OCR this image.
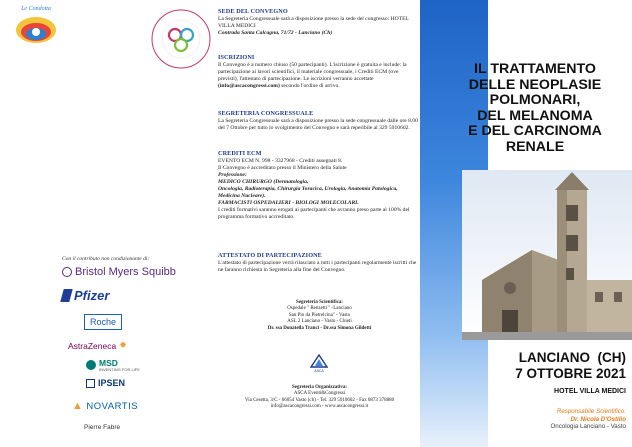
Le Condotta
Con il contributo non condizionante di:
Bristol Myers Squibb
Pfizer
Roche
AstraZeneca ✸
MSD
INVENTING FOR LIFE
IPSEN
▲ NOVARTIS
Pierre Fabre
SEDE DEL CONVEGNO

La Segreteria Congressuale sarà a disposizione presso la sede del congresso: HOTEL VILLA MEDICI

Contrada Santa Calcagna, 71/72 - Lanciano (Ch)

ISCRIZIONI

Il Convegno è a numero chiuso (50 partecipanti). L'iscrizione è gratuita e include: la partecipazione ai lavori scientifici, il materiale congressuale, i Crediti ECM (ove previsti), l'attestato di partecipazione. Le iscrizioni verranno accettate (info@ascacongressi.com) secondo l'ordine di arrivo.

SEGRETERIA CONGRESSUALE

La Segreteria Congressuale sarà a disposizione presso la sede congressuale dalle ore 8.00 del 7 Ottobre per tutto lo svolgimento del Convegno e sarà reperibile al 329 5910602.

CREDITI ECM

EVENTO ECM N. 998 - 3327968 - Crediti assegnati 8.

Il Convegno è accreditato presso il Ministero della Salute

Professione:

MEDICO CHIRURGO (Dermatologia,

Oncologia, Radioterapia, Chirurgia Toracica, Urologia, Anatomia Patologica, Medicina Nucleare).

FARMACISTI OSPEDALIERI - BIOLOGI MOLECOLARI.

I crediti formativi saranno erogati ai partecipanti che avranno preso parte al 100% del programma formativo accreditato.

ATTESTATO DI PARTECIPAZIONE

L'attestato di partecipazione verrà rilasciato a tutti i partecipanti regolarmente iscritti che ne faranno richiesta in Segreteria alla fine del Convegno.

Segreteria Scientifica:
Ospedale " Renzetti " -Lanciano
San Pio da Pietrelcina" - Vasto
ASL 2 Lanciano - Vasto - Chieti
Dr. ssa Donatella Tranci - Dr.ssa Simona Gildetti
ASCA
Segreteria Organizzativa:
ASCA Eventi&Congressi
Via Cesetta, 3/C - 66054 Vasto (ch) - Tel. 329 5910602 - Fax 0873 378880
info@ascacongressi.com - www.ascacongressi.it
IL TRATTAMENTO
DELLE NEOPLASIE
POLMONARI,
DEL MELANOMA
E DEL CARCINOMA
RENALE
LANCIANO  (CH)
7 OTTOBRE 2021
HOTEL VILLA MEDICI
Responsabile Scientifico:
Dr. Nicola D'Ostilio
Oncologia Lanciano - Vasto
